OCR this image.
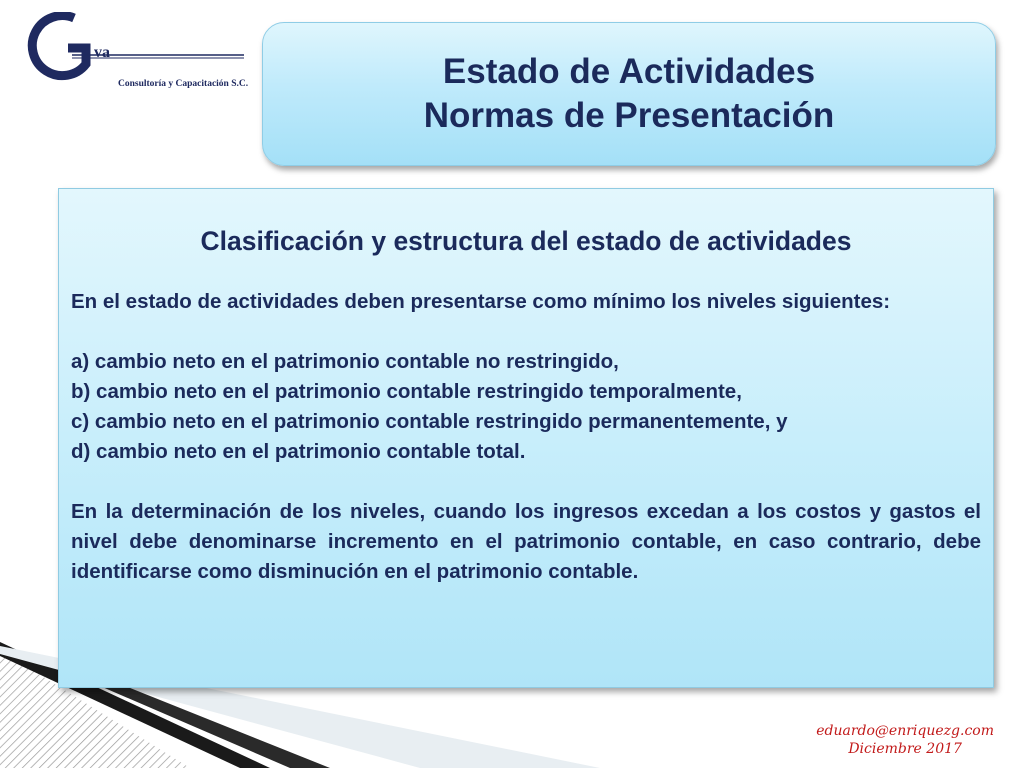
va
Consultoría y Capacitación S.C.	Estado de Actividades
Normas de Presentación
Clasificación y estructura del estado de actividades

En el estado de actividades deben presentarse como mínimo los niveles siguientes:

a) cambio neto en el patrimonio contable no restringido,

b) cambio neto en el patrimonio contable restringido temporalmente,

c) cambio neto en el patrimonio contable restringido permanentemente, y

d) cambio neto en el patrimonio contable total.

En la determinación de los niveles, cuando los ingresos excedan a los costos y gastos el nivel debe denominarse incremento en el patrimonio contable, en caso contrario, debe identificarse como disminución en el patrimonio contable.

eduardo@enriquezg.com
Diciembre 2017
